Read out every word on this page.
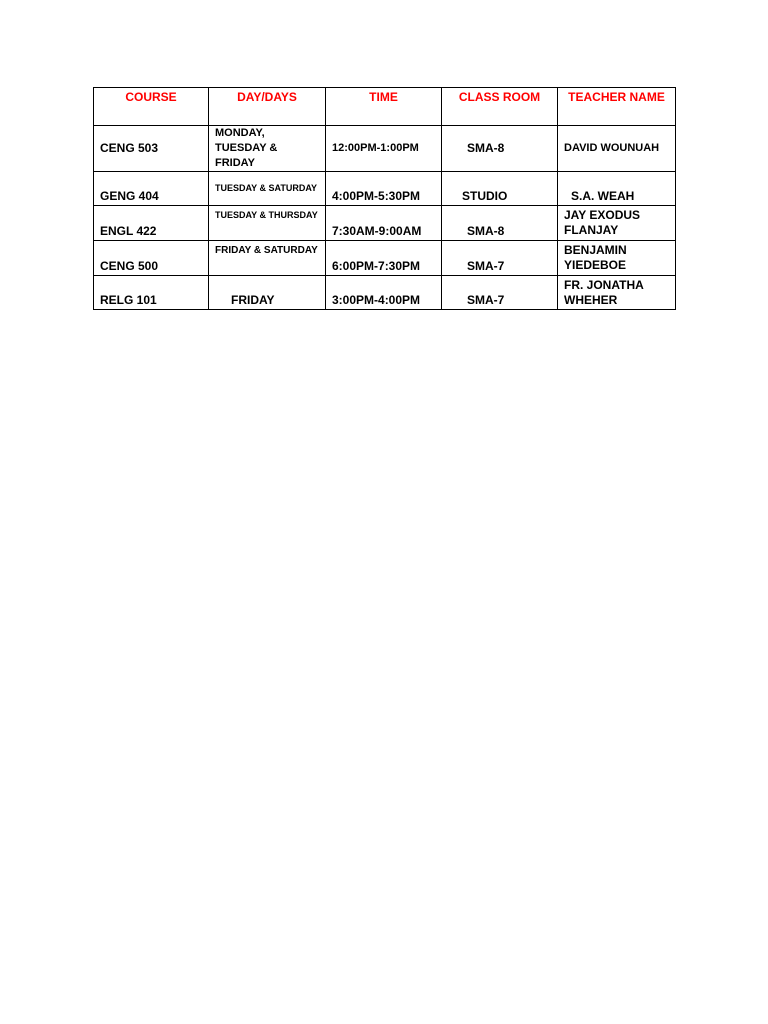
COURSE	DAY/DAYS	TIME	CLASS ROOM	TEACHER NAME
CENG 503	MONDAY, TUESDAY & FRIDAY	12:00PM-1:00PM	SMA-8	DAVID WOUNUAH
GENG 404	TUESDAY & SATURDAY	4:00PM-5:30PM	STUDIO	S.A. WEAH
ENGL 422	TUESDAY & THURSDAY	7:30AM-9:00AM	SMA-8	JAY EXODUS FLANJAY
CENG 500	FRIDAY & SATURDAY	6:00PM-7:30PM	SMA-7	BENJAMIN YIEDEBOE
RELG 101	FRIDAY	3:00PM-4:00PM	SMA-7	FR. JONATHA WHEHER
